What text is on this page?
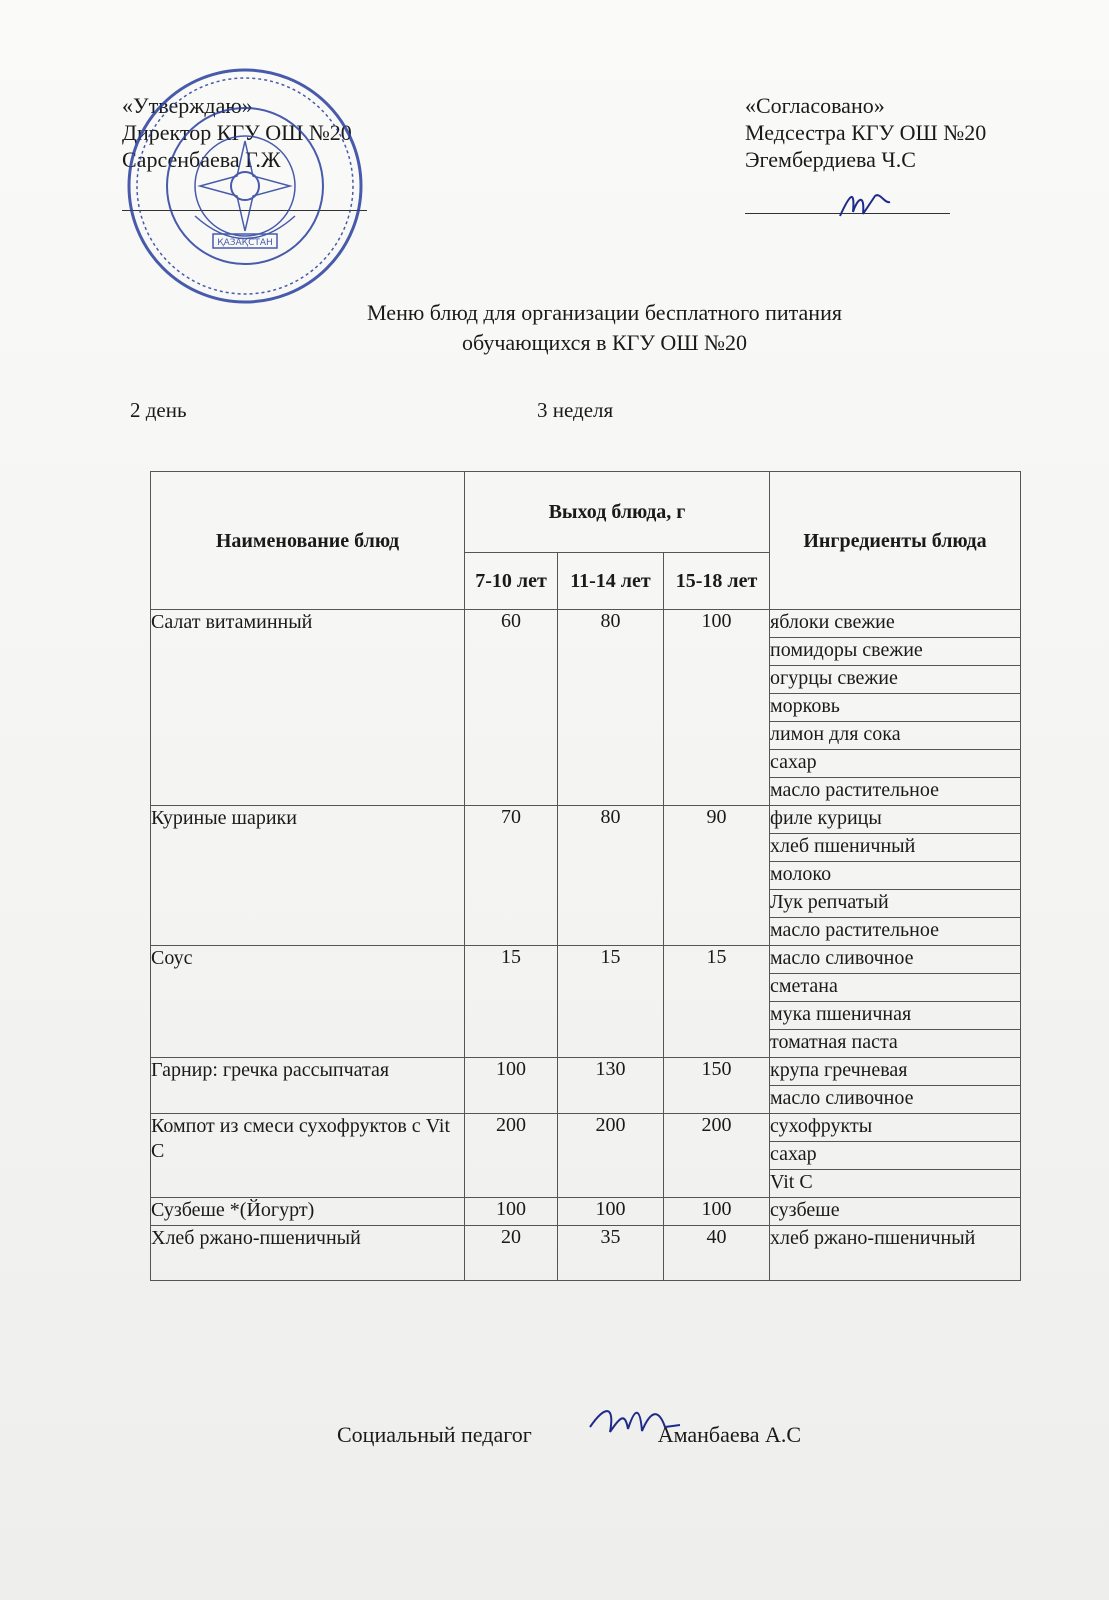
«Утверждаю»
Директор КГУ ОШ №20
Сарсенбаева Г.Ж
ҚАЗАҚСТАН
«Согласовано»
Медсестра КГУ ОШ №20
Эгембердиева Ч.С
Меню блюд для организации бесплатного питания
обучающихся в КГУ ОШ №20
2 день	3 неделя
Наименование блюд	Выход блюда, г			Ингредиенты блюда
	7-10 лет	11-14 лет	15-18 лет	
Салат витаминный	60	80	100	яблоки свежие
				помидоры свежие
				огурцы свежие
				морковь
				лимон для сока
				сахар
				масло растительное
Куриные шарики	70	80	90	филе курицы
				хлеб пшеничный
				молоко
				Лук репчатый
				масло растительное
Соус	15	15	15	масло сливочное
				сметана
				мука пшеничная
				томатная паста
Гарнир: гречка рассыпчатая	100	130	150	крупа гречневая
				масло сливочное
Компот из смеси сухофруктов с Vit C	200	200	200	сухофрукты
				сахар
				Vit C
Сузбеше *(Йогурт)	100	100	100	сузбеше
Хлеб ржано-пшеничный	20	35	40	хлеб ржано-пшеничный
Социальный педагог	Аманбаева А.С
